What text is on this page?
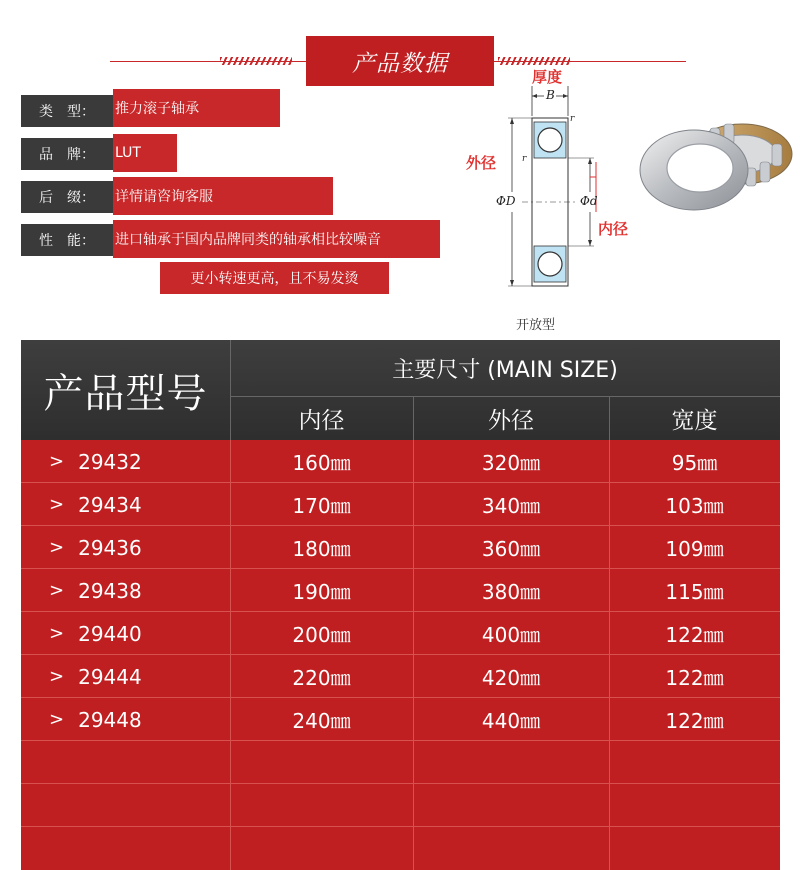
产品数据
类　型：	推力滚子轴承
品　牌：	LUT
后　缀：	详情请咨询客服
性　能：	进口轴承于国内品牌同类的轴承相比较噪音
更小转速更高，且不易发烫
厚度
外径
内径
B
ΦD	Φd
r
r
开放型
产品型号
主要尺寸 (MAIN SIZE)
内径	外径	宽度
> 29432	160㎜	320㎜	95㎜
> 29434	170㎜	340㎜	103㎜
> 29436	180㎜	360㎜	109㎜
> 29438	190㎜	380㎜	115㎜
> 29440	200㎜	400㎜	122㎜
> 29444	220㎜	420㎜	122㎜
> 29448	240㎜	440㎜	122㎜
